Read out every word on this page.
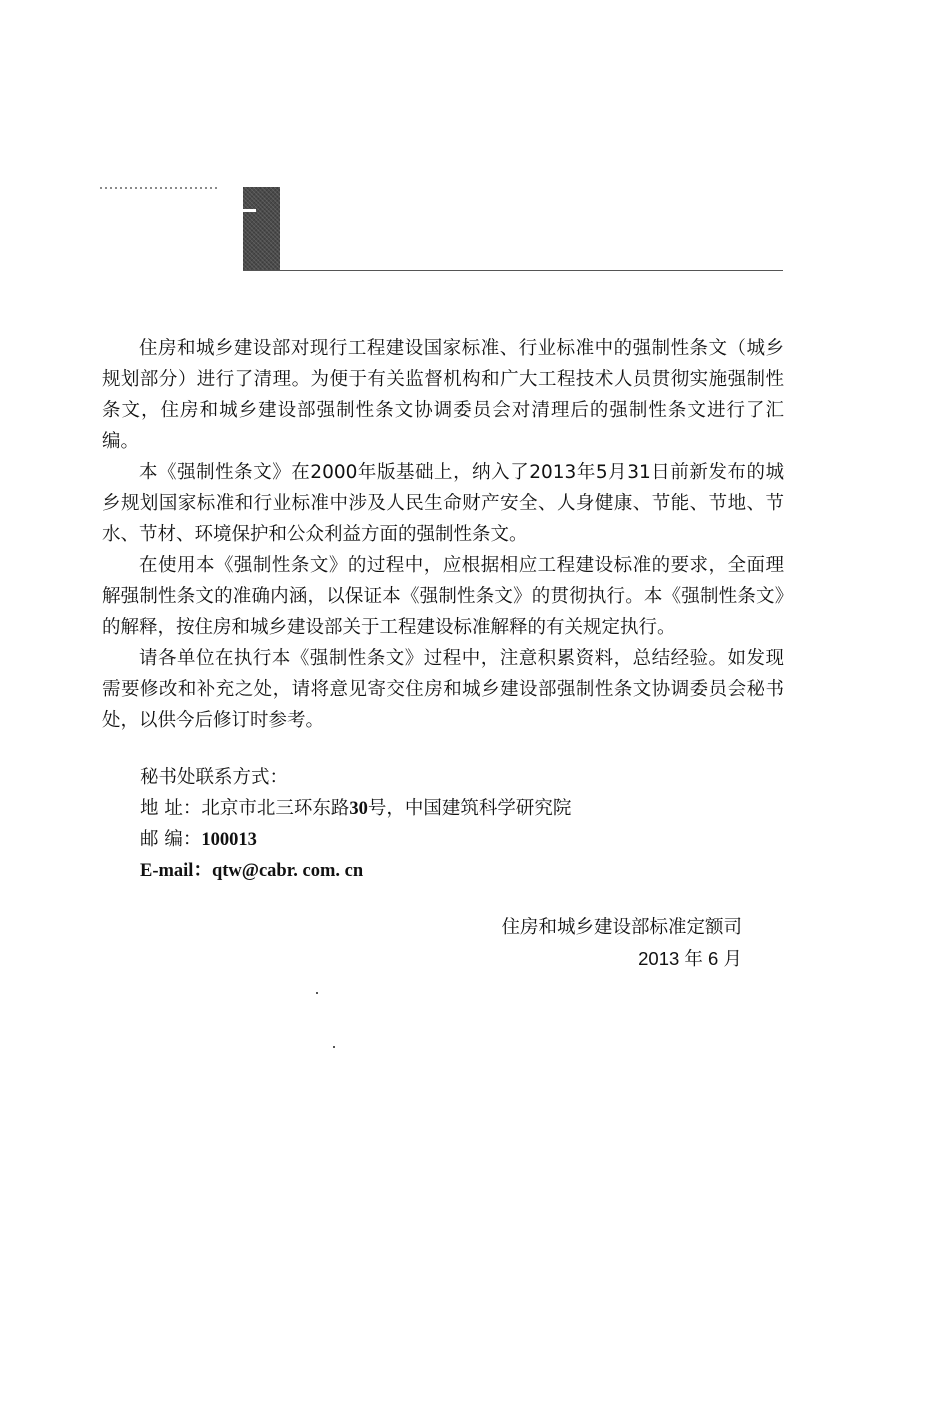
住房和城乡建设部对现行工程建设国家标准、行业标准中的强制性条文（城乡规划部分）进行了清理。为便于有关监督机构和广大工程技术人员贯彻实施强制性条文，住房和城乡建设部强制性条文协调委员会对清理后的强制性条文进行了汇编。

本《强制性条文》在2000年版基础上，纳入了2013年5月31日前新发布的城乡规划国家标准和行业标准中涉及人民生命财产安全、人身健康、节能、节地、节水、节材、环境保护和公众利益方面的强制性条文。

在使用本《强制性条文》的过程中，应根据相应工程建设标准的要求，全面理解强制性条文的准确内涵，以保证本《强制性条文》的贯彻执行。本《强制性条文》的解释，按住房和城乡建设部关于工程建设标准解释的有关规定执行。

请各单位在执行本《强制性条文》过程中，注意积累资料，总结经验。如发现需要修改和补充之处，请将意见寄交住房和城乡建设部强制性条文协调委员会秘书处，以供今后修订时参考。

秘书处联系方式：
地 址：北京市北三环东路30号，中国建筑科学研究院
邮 编：100013
E-mail：qtw@cabr. com. cn
住房和城乡建设部标准定额司
2013 年 6 月
